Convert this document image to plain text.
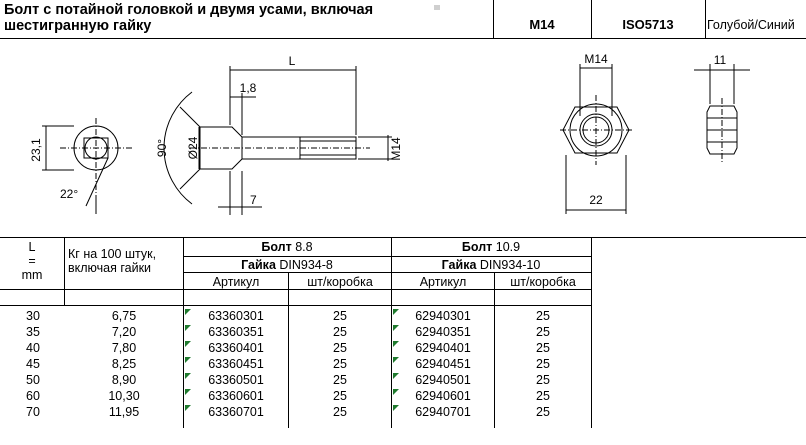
Болт с потайной головкой и двумя усами, включая
шестигранную гайку	M14	ISO5713	Голубой/Синий
23,1
22°
L
1,8
90° Ø24
7
M14
M14
22
11
L
=
mm
Кг на 100 штук,
включая гайки
Болт 8.8
Гайка DIN934-8
Болт 10.9
Гайка DIN934-10
Артикул	шт/коробка	Артикул	шт/коробка
30	6,75	63360301	25	62940301	25
35	7,20	63360351	25	62940351	25
40	7,80	63360401	25	62940401	25
45	8,25	63360451	25	62940451	25
50	8,90	63360501	25	62940501	25
60	10,30	63360601	25	62940601	25
70	11,95	63360701	25	62940701	25
